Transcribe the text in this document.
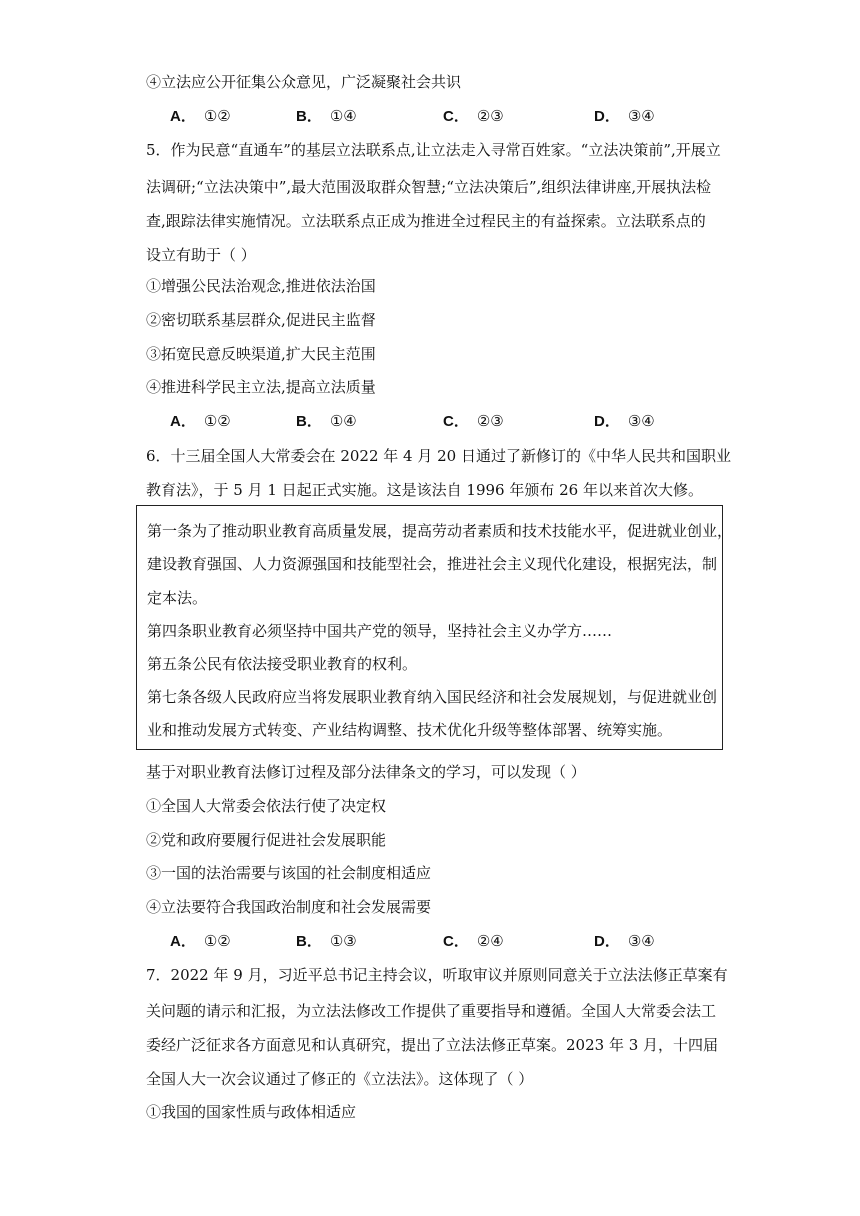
④立法应公开征集公众意见，广泛凝聚社会共识
A． ①②	B． ①④	C． ②③	D． ③④
5．作为民意“直通车”的基层立法联系点,让立法走入寻常百姓家。“立法决策前”,开展立
法调研;“立法决策中”,最大范围汲取群众智慧;“立法决策后”,组织法律讲座,开展执法检
查,跟踪法律实施情况。立法联系点正成为推进全过程民主的有益探索。立法联系点的
设立有助于（ ）
①增强公民法治观念,推进依法治国
②密切联系基层群众,促进民主监督
③拓宽民意反映渠道,扩大民主范围
④推进科学民主立法,提高立法质量
A． ①②	B． ①④	C． ②③	D． ③④
6．十三届全国人大常委会在 2022 年 4 月 20 日通过了新修订的《中华人民共和国职业
教育法》，于 5 月 1 日起正式实施。这是该法自 1996 年颁布 26 年以来首次大修。
第一条为了推动职业教育高质量发展，提高劳动者素质和技术技能水平，促进就业创业，
建设教育强国、人力资源强国和技能型社会，推进社会主义现代化建设，根据宪法，制
定本法。
第四条职业教育必须坚持中国共产党的领导，坚持社会主义办学方……
第五条公民有依法接受职业教育的权利。
第七条各级人民政府应当将发展职业教育纳入国民经济和社会发展规划，与促进就业创
业和推动发展方式转变、产业结构调整、技术优化升级等整体部署、统筹实施。
基于对职业教育法修订过程及部分法律条文的学习，可以发现（ ）
①全国人大常委会依法行使了决定权
②党和政府要履行促进社会发展职能
③一国的法治需要与该国的社会制度相适应
④立法要符合我国政治制度和社会发展需要
A． ①②	B． ①③	C． ②④	D． ③④
7．2022 年 9 月，习近平总书记主持会议，听取审议并原则同意关于立法法修正草案有
关问题的请示和汇报，为立法法修改工作提供了重要指导和遵循。全国人大常委会法工
委经广泛征求各方面意见和认真研究，提出了立法法修正草案。2023 年 3 月，十四届
全国人大一次会议通过了修正的《立法法》。这体现了（ ）
①我国的国家性质与政体相适应
